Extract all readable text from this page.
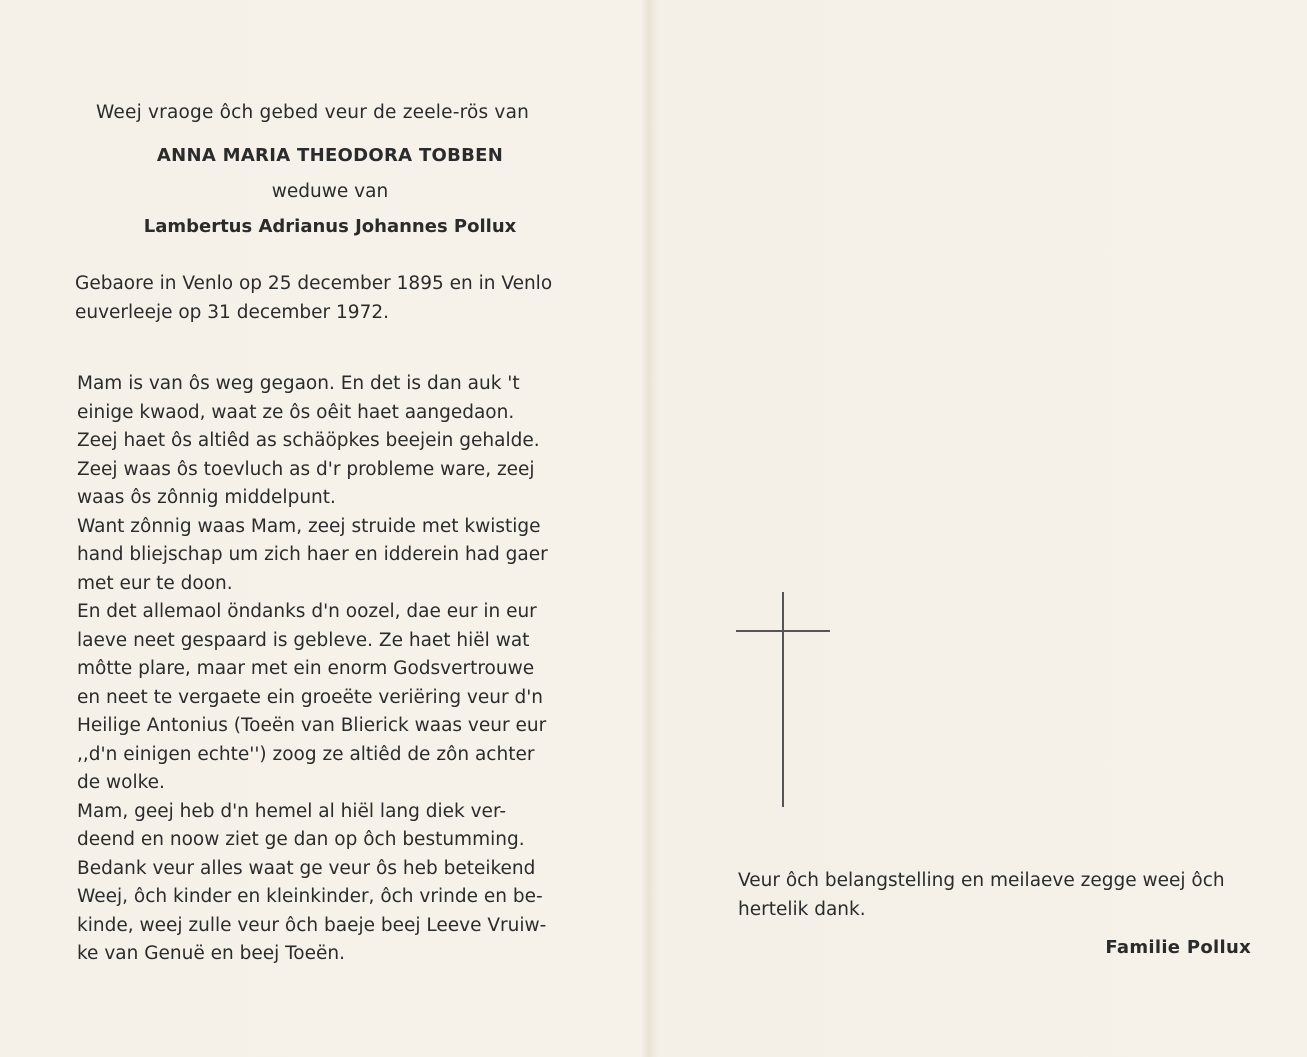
Weej vraoge ôch gebed veur de zeele-rös van

ANNA MARIA THEODORA TOBBEN

weduwe van

Lambertus Adrianus Johannes Pollux

Gebaore in Venlo op 25 december 1895 en in Venlo euverleeje op 31 december 1972.

Mam is van ôs weg gegaon. En det is dan auk 't
einige kwaod, waat ze ôs oêit haet aangedaon.
Zeej haet ôs altiêd as schäöpkes beejein gehalde.
Zeej waas ôs toevluch as d'r probleme ware, zeej
waas ôs zônnig middelpunt.
Want zônnig waas Mam, zeej struide met kwistige
hand bliejschap um zich haer en idderein had gaer
met eur te doon.
En det allemaol öndanks d'n oozel, dae eur in eur
laeve neet gespaard is gebleve. Ze haet hiël wat
môtte plare, maar met ein enorm Godsvertrouwe
en neet te vergaete ein groeëte veriëring veur d'n
Heilige Antonius (Toeën van Blierick waas veur eur
,,d'n einigen echte'') zoog ze altiêd de zôn achter
de wolke.
Mam, geej heb d'n hemel al hiël lang diek ver-
deend en noow ziet ge dan op ôch bestumming.
Bedank veur alles waat ge veur ôs heb beteikend
Weej, ôch kinder en kleinkinder, ôch vrinde en be-
kinde, weej zulle veur ôch baeje beej Leeve Vruiw-
ke van Genuë en beej Toeën.

Veur ôch belangstelling en meilaeve zegge weej ôch
hertelik dank.

Familie Pollux
